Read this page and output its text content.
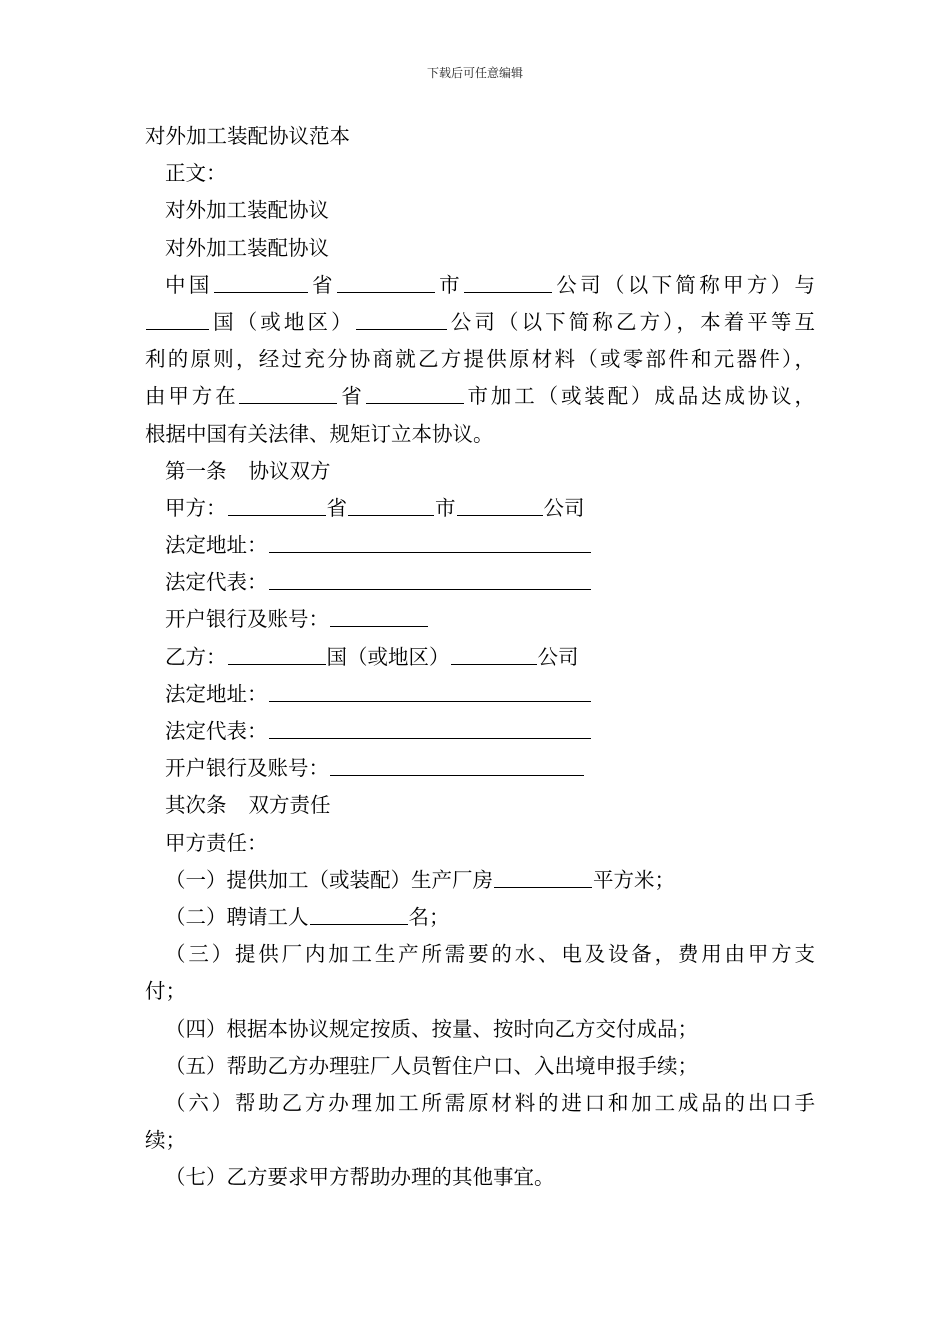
下载后可任意编辑
对外加工装配协议范本
正文：
对外加工装配协议
对外加工装配协议
中国	省	市	公司（以下简称甲方）与
国（或地区）	公司（以下简称乙方），本着平等互
利的原则，经过充分协商就乙方提供原材料（或零部件和元器件），
由甲方在	省	市加工（或装配）成品达成协议，
根据中国有关法律、规矩订立本协议。
第一条 协议双方
甲方：	省	市	公司
法定地址：
法定代表：
开户银行及账号：
乙方：	国（或地区）	公司
法定地址：
法定代表：
开户银行及账号：
其次条 双方责任
甲方责任：
（一）提供加工（或装配）生产厂房	平方米；
（二）聘请工人	名；
（三）提供厂内加工生产所需要的水、电及设备，费用由甲方支
付；
（四）根据本协议规定按质、按量、按时向乙方交付成品；
（五）帮助乙方办理驻厂人员暂住户口、入出境申报手续；
（六）帮助乙方办理加工所需原材料的进口和加工成品的出口手
续；
（七）乙方要求甲方帮助办理的其他事宜。
